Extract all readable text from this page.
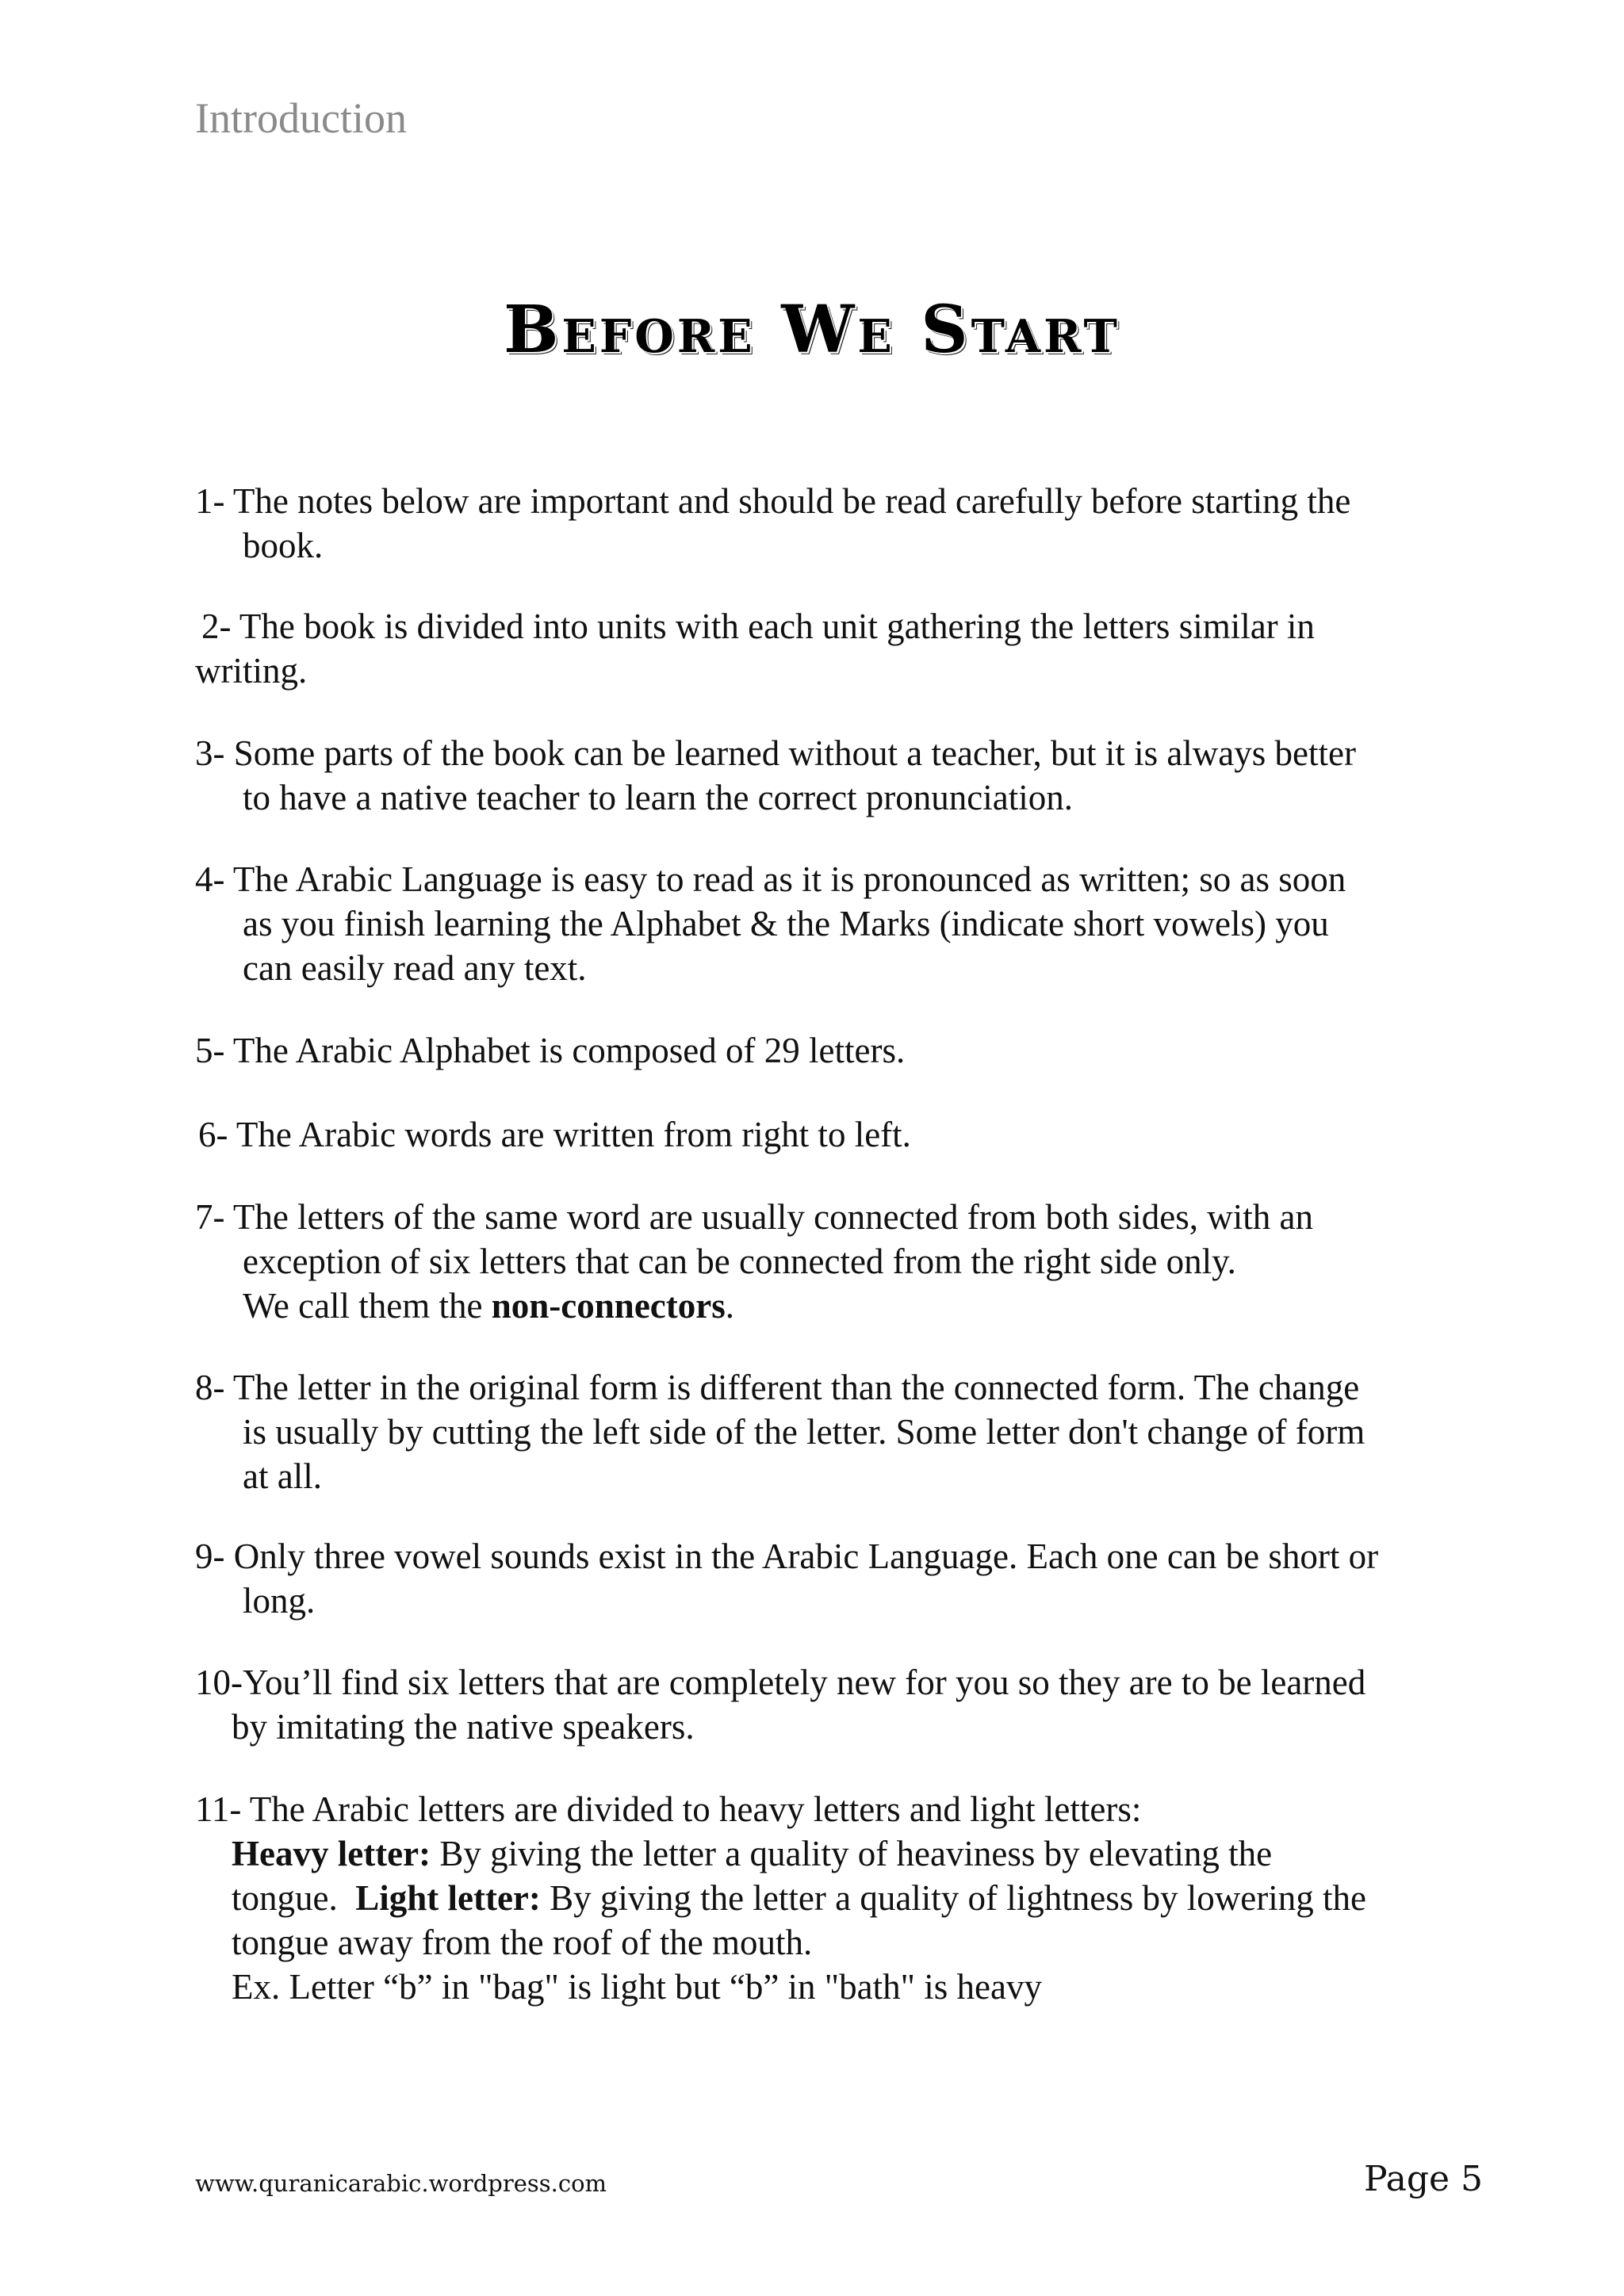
Introduction
Before We Start
1- The notes below are important and should be read carefully before starting the
book.
2- The book is divided into units with each unit gathering the letters similar in
writing.
3- Some parts of the book can be learned without a teacher, but it is always better
to have a native teacher to learn the correct pronunciation.
4- The Arabic Language is easy to read as it is pronounced as written; so as soon
as you finish learning the Alphabet & the Marks (indicate short vowels) you
can easily read any text.
5- The Arabic Alphabet is composed of 29 letters.
6- The Arabic words are written from right to left.
7- The letters of the same word are usually connected from both sides, with an
exception of six letters that can be connected from the right side only.
We call them the non-connectors.
8- The letter in the original form is different than the connected form. The change
is usually by cutting the left side of the letter. Some letter don't change of form
at all.
9- Only three vowel sounds exist in the Arabic Language. Each one can be short or
long.
10-You’ll find six letters that are completely new for you so they are to be learned
by imitating the native speakers.
11- The Arabic letters are divided to heavy letters and light letters:
Heavy letter: By giving the letter a quality of heaviness by elevating the
tongue.  Light letter: By giving the letter a quality of lightness by lowering the
tongue away from the roof of the mouth.
Ex. Letter “b” in "bag" is light but “b” in "bath" is heavy
www.quranicarabic.wordpress.com	Page 5
